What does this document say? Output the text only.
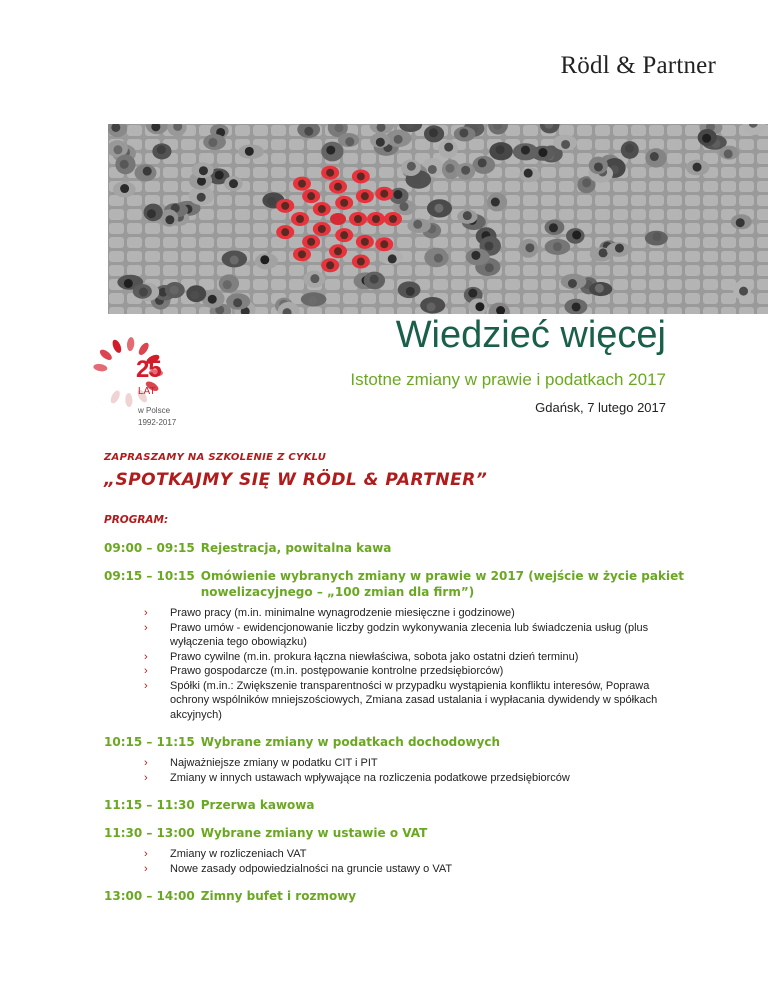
Rödl & Partner
25
LAT
w Polsce
1992-2017
Wiedzieć więcej
Istotne zmiany w prawie i podatkach 2017
Gdańsk, 7 lutego 2017
ZAPRASZAMY NA SZKOLENIE Z CYKLU
„SPOTKAJMY SIĘ W RÖDL & PARTNER”
PROGRAM:
09:00 – 09:15 Rejestracja, powitalna kawa
09:15 – 10:15 Omówienie wybranych zmiany w prawie w 2017 (wejście w życie pakiet nowelizacyjnego – „100 zmian dla firm”)
› Prawo pracy (m.in. minimalne wynagrodzenie miesięczne i godzinowe)
› Prawo umów - ewidencjonowanie liczby godzin wykonywania zlecenia lub świadczenia usług (plus wyłączenia tego obowiązku)
› Prawo cywilne (m.in. prokura łączna niewłaściwa, sobota jako ostatni dzień terminu)
› Prawo gospodarcze (m.in. postępowanie kontrolne przedsiębiorców)
› Spółki (m.in.: Zwiększenie transparentności w przypadku wystąpienia konfliktu interesów, Poprawa ochrony wspólników mniejszościowych, Zmiana zasad ustalania i wypłacania dywidendy w spółkach akcyjnych)
10:15 – 11:15 Wybrane zmiany w podatkach dochodowych
› Najważniejsze zmiany w podatku CIT i PIT
› Zmiany w innych ustawach wpływające na rozliczenia podatkowe przedsiębiorców
11:15 – 11:30 Przerwa kawowa
11:30 – 13:00 Wybrane zmiany w ustawie o VAT
› Zmiany w rozliczeniach VAT
› Nowe zasady odpowiedzialności na gruncie ustawy o VAT
13:00 – 14:00 Zimny bufet i rozmowy
